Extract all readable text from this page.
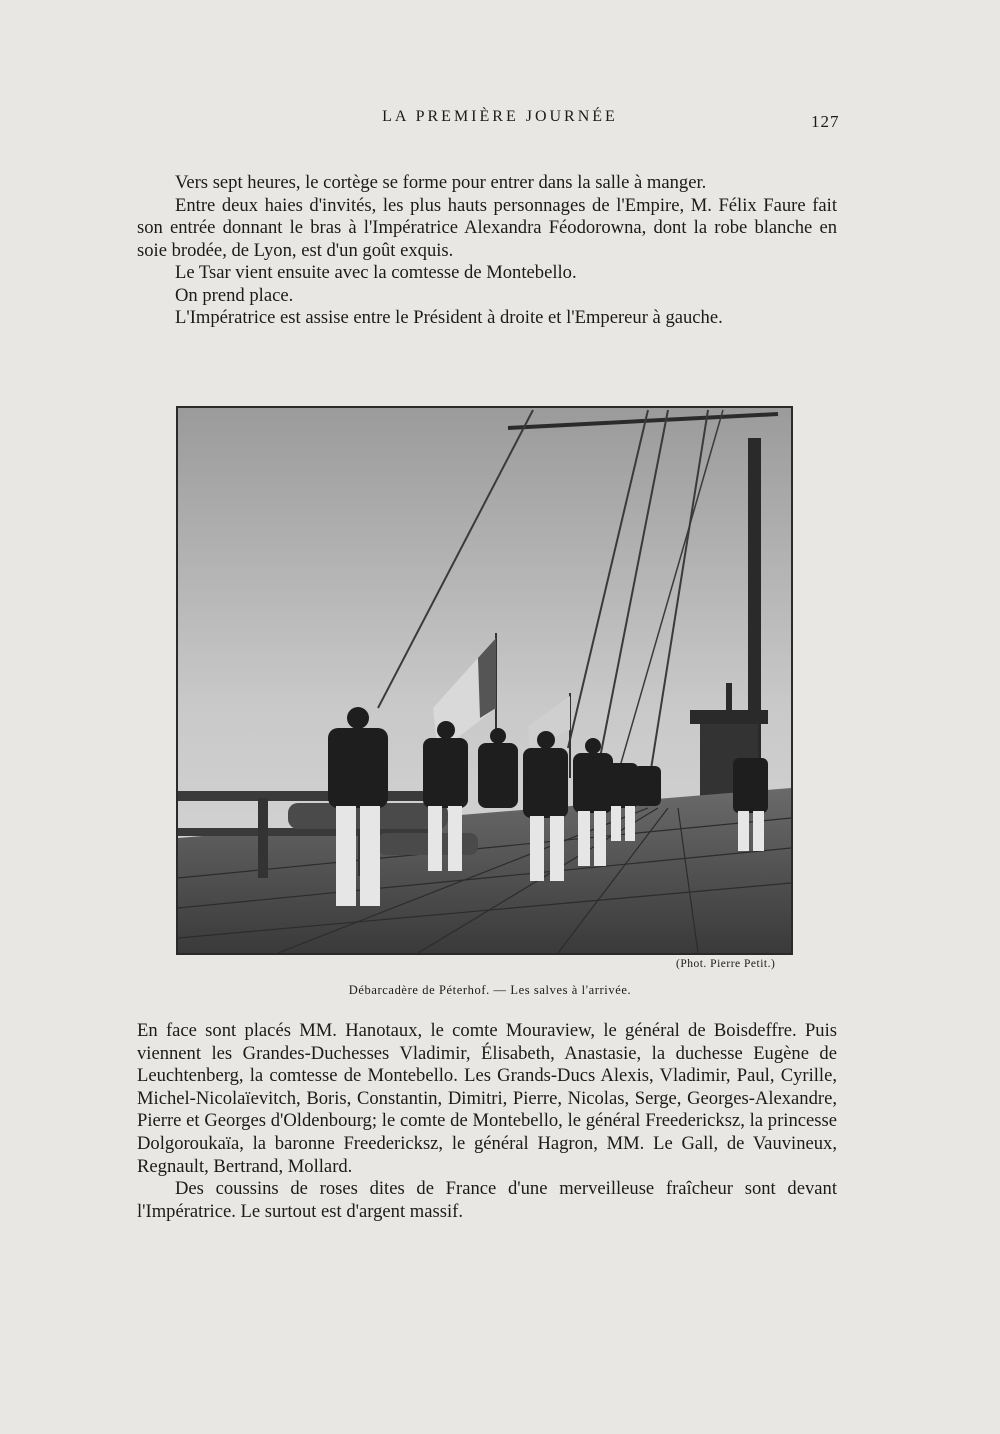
LA PREMIÈRE JOURNÉE	127

Vers sept heures, le cortège se forme pour entrer dans la salle à manger.

Entre deux haies d'invités, les plus hauts personnages de l'Empire, M. Félix Faure fait son entrée donnant le bras à l'Impératrice Alexandra Féodorowna, dont la robe blanche en soie brodée, de Lyon, est d'un goût exquis.

Le Tsar vient ensuite avec la comtesse de Montebello.

On prend place.

L'Impératrice est assise entre le Président à droite et l'Empereur à gauche.

(Phot. Pierre Petit.)
Débarcadère de Péterhof. — Les salves à l'arrivée.

En face sont placés MM. Hanotaux, le comte Mouraview, le général de Boisdeffre. Puis viennent les Grandes-Duchesses Vladimir, Élisabeth, Anastasie, la duchesse Eugène de Leuchtenberg, la comtesse de Montebello. Les Grands-Ducs Alexis, Vladimir, Paul, Cyrille, Michel-Nicolaïevitch, Boris, Constantin, Dimitri, Pierre, Nicolas, Serge, Georges-Alexandre, Pierre et Georges d'Oldenbourg; le comte de Montebello, le général Freedericksz, la princesse Dolgoroukaïa, la baronne Freedericksz, le général Hagron, MM. Le Gall, de Vauvineux, Regnault, Bertrand, Mollard.

Des coussins de roses dites de France d'une merveilleuse fraîcheur sont devant l'Impératrice. Le surtout est d'argent massif.
